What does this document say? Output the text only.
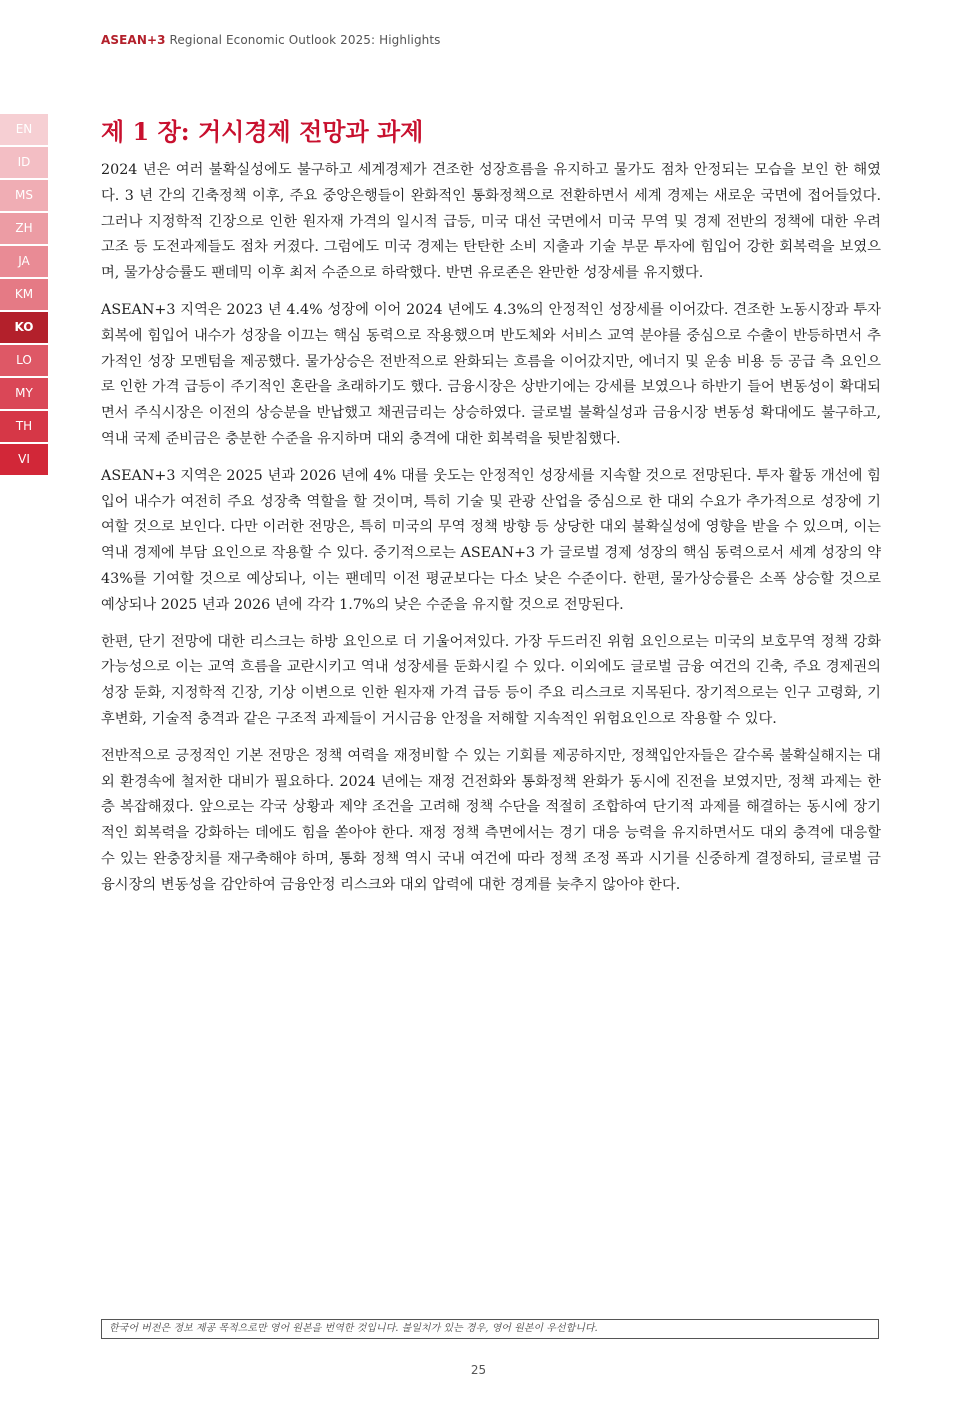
ASEAN+3 Regional Economic Outlook 2025: Highlights
EN
ID
MS
ZH
JA
KM
KO
LO
MY
TH
VI
제 1 장: 거시경제 전망과 과제

2024 년은 여러 불확실성에도 불구하고 세계경제가 견조한 성장흐름을 유지하고 물가도 점차 안정되는 모습을 보인 한 해였다. 3 년 간의 긴축정책 이후, 주요 중앙은행들이 완화적인 통화정책으로 전환하면서 세계 경제는 새로운 국면에 접어들었다. 그러나 지정학적 긴장으로 인한 원자재 가격의 일시적 급등, 미국 대선 국면에서 미국 무역 및 경제 전반의 정책에 대한 우려 고조 등 도전과제들도 점차 커졌다. 그럼에도 미국 경제는 탄탄한 소비 지출과 기술 부문 투자에 힘입어 강한 회복력을 보였으며, 물가상승률도 팬데믹 이후 최저 수준으로 하락했다. 반면 유로존은 완만한 성장세를 유지했다.

ASEAN+3 지역은 2023 년 4.4% 성장에 이어 2024 년에도 4.3%의 안정적인 성장세를 이어갔다. 견조한 노동시장과 투자 회복에 힘입어 내수가 성장을 이끄는 핵심 동력으로 작용했으며 반도체와 서비스 교역 분야를 중심으로 수출이 반등하면서 추가적인 성장 모멘텀을 제공했다. 물가상승은 전반적으로 완화되는 흐름을 이어갔지만, 에너지 및 운송 비용 등 공급 측 요인으로 인한 가격 급등이 주기적인 혼란을 초래하기도 했다. 금융시장은 상반기에는 강세를 보였으나 하반기 들어 변동성이 확대되면서 주식시장은 이전의 상승분을 반납했고 채권금리는 상승하였다. 글로벌 불확실성과 금융시장 변동성 확대에도 불구하고, 역내 국제 준비금은 충분한 수준을 유지하며 대외 충격에 대한 회복력을 뒷받침했다.

ASEAN+3 지역은 2025 년과 2026 년에 4% 대를 웃도는 안정적인 성장세를 지속할 것으로 전망된다. 투자 활동 개선에 힘입어 내수가 여전히 주요 성장축 역할을 할 것이며, 특히 기술 및 관광 산업을 중심으로 한 대외 수요가 추가적으로 성장에 기여할 것으로 보인다. 다만 이러한 전망은, 특히 미국의 무역 정책 방향 등 상당한 대외 불확실성에 영향을 받을 수 있으며, 이는 역내 경제에 부담 요인으로 작용할 수 있다. 중기적으로는 ASEAN+3 가 글로벌 경제 성장의 핵심 동력으로서 세계 성장의 약 43%를 기여할 것으로 예상되나, 이는 팬데믹 이전 평균보다는 다소 낮은 수준이다. 한편, 물가상승률은 소폭 상승할 것으로 예상되나 2025 년과 2026 년에 각각 1.7%의 낮은 수준을 유지할 것으로 전망된다.

한편, 단기 전망에 대한 리스크는 하방 요인으로 더 기울어져있다. 가장 두드러진 위험 요인으로는 미국의 보호무역 정책 강화 가능성으로 이는 교역 흐름을 교란시키고 역내 성장세를 둔화시킬 수 있다. 이외에도 글로벌 금융 여건의 긴축, 주요 경제권의 성장 둔화, 지정학적 긴장, 기상 이변으로 인한 원자재 가격 급등 등이 주요 리스크로 지목된다. 장기적으로는 인구 고령화, 기후변화, 기술적 충격과 같은 구조적 과제들이 거시금융 안정을 저해할 지속적인 위험요인으로 작용할 수 있다.

전반적으로 긍정적인 기본 전망은 정책 여력을 재정비할 수 있는 기회를 제공하지만, 정책입안자들은 갈수록 불확실해지는 대외 환경속에 철저한 대비가 필요하다. 2024 년에는 재정 건전화와 통화정책 완화가 동시에 진전을 보였지만, 정책 과제는 한층 복잡해졌다. 앞으로는 각국 상황과 제약 조건을 고려해 정책 수단을 적절히 조합하여 단기적 과제를 해결하는 동시에 장기적인 회복력을 강화하는 데에도 힘을 쏟아야 한다. 재정 정책 측면에서는 경기 대응 능력을 유지하면서도 대외 충격에 대응할 수 있는 완충장치를 재구축해야 하며, 통화 정책 역시 국내 여건에 따라 정책 조정 폭과 시기를 신중하게 결정하되, 글로벌 금융시장의 변동성을 감안하여 금융안정 리스크와 대외 압력에 대한 경계를 늦추지 않아야 한다.

한국어 버전은 정보 제공 목적으로만 영어 원본을 번역한 것입니다. 불일치가 있는 경우, 영어 원본이 우선합니다.
25
